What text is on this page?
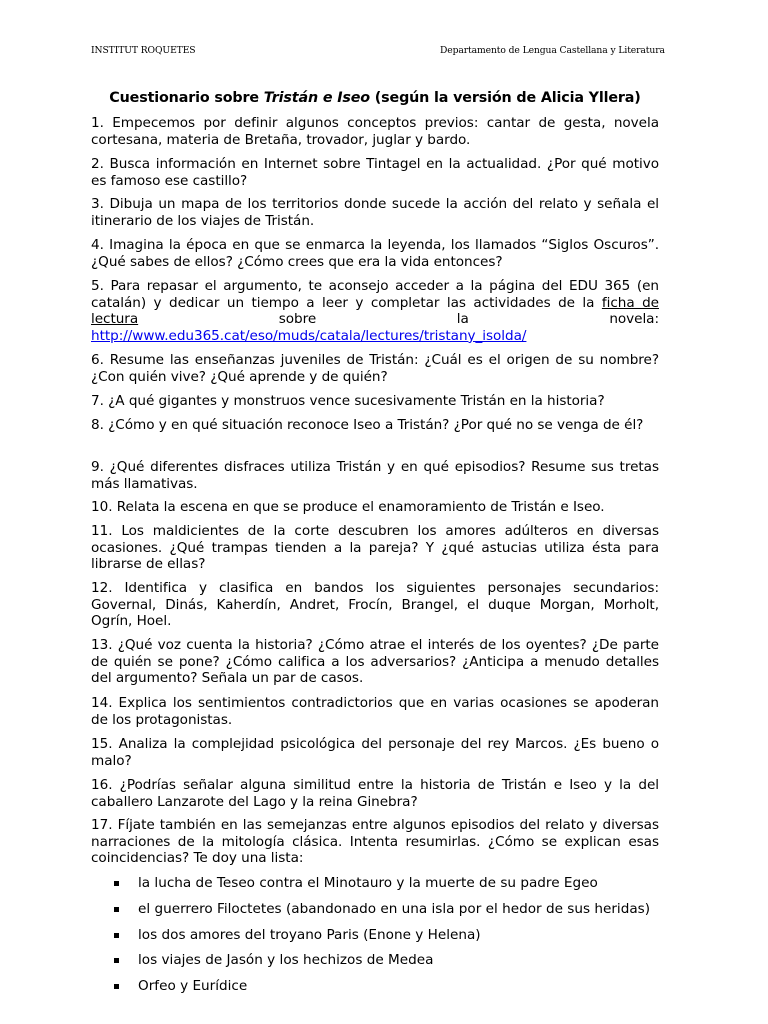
INSTITUT ROQUETES	Departamento de Lengua Castellana y Literatura
Cuestionario sobre Tristán e Iseo (según la versión de Alicia Yllera)
1. Empecemos por definir algunos conceptos previos: cantar de gesta, novela cortesana, materia de Bretaña, trovador, juglar y bardo.
2. Busca información en Internet sobre Tintagel en la actualidad. ¿Por qué motivo es famoso ese castillo?
3. Dibuja un mapa de los territorios donde sucede la acción del relato y señala el itinerario de los viajes de Tristán.
4. Imagina la época en que se enmarca la leyenda, los llamados “Siglos Oscuros”. ¿Qué sabes de ellos? ¿Cómo crees que era la vida entonces?
5. Para repasar el argumento, te aconsejo acceder a la página del EDU 365 (en catalán) y dedicar un tiempo a leer y completar las actividades de la ficha de lectura sobre la novela: http://www.edu365.cat/eso/muds/catala/lectures/tristany_isolda/
6. Resume las enseñanzas juveniles de Tristán: ¿Cuál es el origen de su nombre? ¿Con quién vive? ¿Qué aprende y de quién?
7. ¿A qué gigantes y monstruos vence sucesivamente Tristán en la historia?
8. ¿Cómo y en qué situación reconoce Iseo a Tristán? ¿Por qué no se venga de él?
9. ¿Qué diferentes disfraces utiliza Tristán y en qué episodios? Resume sus tretas más llamativas.
10. Relata la escena en que se produce el enamoramiento de Tristán e Iseo.
11. Los maldicientes de la corte descubren los amores adúlteros en diversas ocasiones. ¿Qué trampas tienden a la pareja? Y ¿qué astucias utiliza ésta para librarse de ellas?
12. Identifica y clasifica en bandos los siguientes personajes secundarios: Governal, Dinás, Kaherdín, Andret, Frocín, Brangel, el duque Morgan, Morholt, Ogrín, Hoel.
13. ¿Qué voz cuenta la historia? ¿Cómo atrae el interés de los oyentes? ¿De parte de quién se pone? ¿Cómo califica a los adversarios? ¿Anticipa a menudo detalles del argumento? Señala un par de casos.
14. Explica los sentimientos contradictorios que en varias ocasiones se apoderan de los protagonistas.
15. Analiza la complejidad psicológica del personaje del rey Marcos. ¿Es bueno o malo?
16. ¿Podrías señalar alguna similitud entre la historia de Tristán e Iseo y la del caballero Lanzarote del Lago y la reina Ginebra?
17. Fíjate también en las semejanzas entre algunos episodios del relato y diversas narraciones de la mitología clásica. Intenta resumirlas. ¿Cómo se explican esas coincidencias? Te doy una lista:
la lucha de Teseo contra el Minotauro y la muerte de su padre Egeo
el guerrero Filoctetes (abandonado en una isla por el hedor de sus heridas)
los dos amores del troyano Paris (Enone y Helena)
los viajes de Jasón y los hechizos de Medea
Orfeo y Eurídice
